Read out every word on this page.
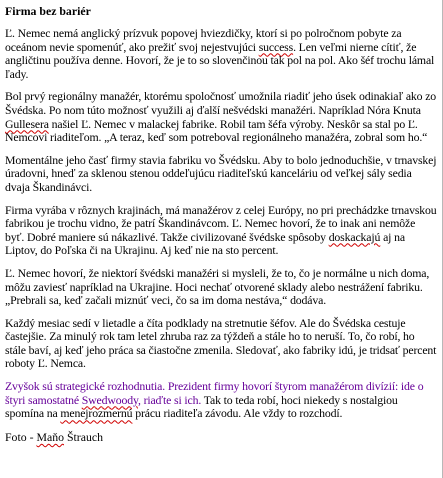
Firma bez bariér
Ľ. Nemec nemá anglický prízvuk popovej hviezdičky, ktorí si po polročnom pobyte za oceánom nevie spomenúť, ako prežiť svoj nejestvujúci success. Len veľmi nierne cítiť, že angličtinu používa denne. Hovorí, že je to so slovenčinou tak pol na pol. Ako šéf trochu lámal ľady.
Bol prvý regionálny manažér, ktorému spoločnosť umožnila riadiť jeho úsek odinakiaľ ako zo Švédska. Po nom túto možnosť využili aj ďalší nešvédski manažéri. Napríklad Nóra Knuta Gullesera našiel Ľ. Nemec v malackej fabrike. Robil tam šéfa výroby. Neskôr sa stal po Ľ. Nemcovi riaditeľom. „A teraz, keď som potreboval regionálneho manažéra, zobral som ho.“
Momentálne jeho časť firmy stavia fabriku vo Švédsku. Aby to bolo jednoduchšie, v trnavskej úradovni, hneď za sklenou stenou oddeľujúcu riaditeľskú kanceláriu od veľkej sály sedia dvaja Škandinávci.
Firma vyrába v rôznych krajinách, má manažérov z celej Európy, no pri prechádzke trnavskou fabrikou je trochu vidno, že patrí Škandinávcom. Ľ. Nemec hovorí, že to inak ani nemôže byť. Dobré maniere sú nákazlivé. Takže civilizované švédske spôsoby doskackajú aj na Liptov, do Poľska či na Ukrajinu. Aj keď nie na sto percent.
Ľ. Nemec hovorí, že niektorí švédski manažéri si mysleli, že to, čo je normálne u nich doma, môžu zaviesť napríklad na Ukrajine. Hoci nechať otvorené sklady alebo nestrážení fabriku. „Prebrali sa, keď začali miznúť veci, čo sa im doma nestáva,“ dodáva.
Každý mesiac sedí v lietadle a číta podklady na stretnutie šéfov. Ale do Švédska cestuje častejšie. Za minulý rok tam letel zhruba raz za týždeň a stále ho to neruší. To, čo robí, ho stále baví, aj keď jeho práca sa čiastočne zmenila. Sledovať, ako fabriky idú, je tridsať percent roboty Ľ. Nemca.
Zvyšok sú strategické rozhodnutia. Prezident firmy hovorí štyrom manažérom divízií: ide o štyri samostatné Swedwoody, riaďte si ich. Tak to teda robí, hoci niekedy s nostalgiou spomína na menejrozmernú prácu riaditeľa závodu. Ale vždy to rozchodí.
Foto - Maňo Štrauch
